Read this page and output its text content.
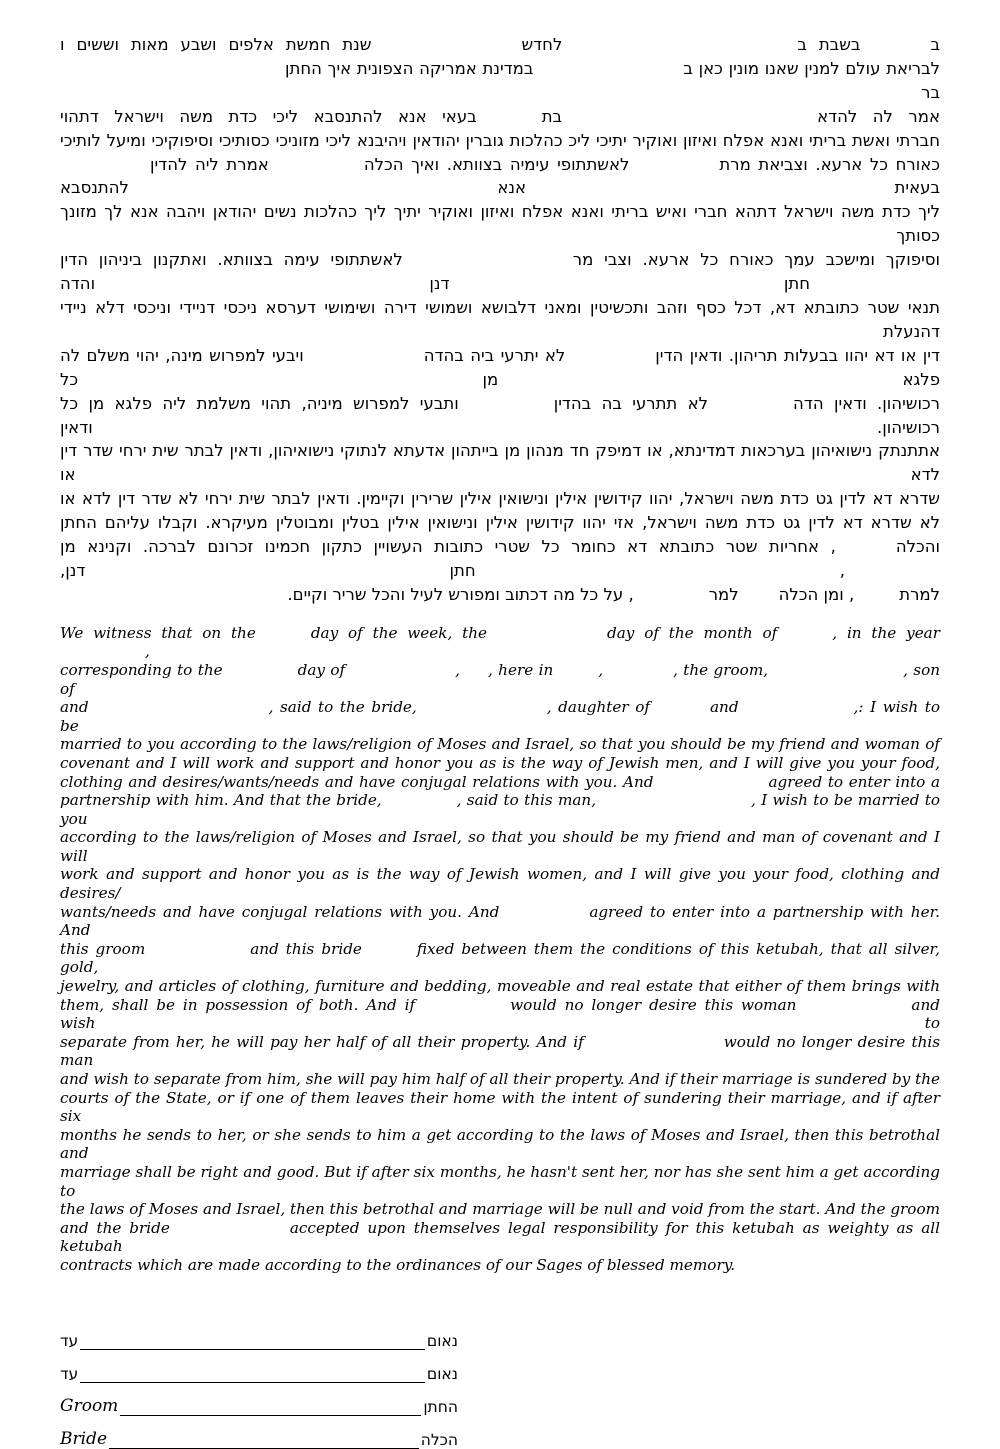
בבשבת בלחדששנת חמשת אלפים ושבע מאות וששים ו
לבריאת עולם למנין שאנו מונין כאן בבמדינת אמריקה הצפונית איך החתןבר
אמר לה להדאבתבעאי אנא להתנסבא ליכי כדת משה וישראל דתהוי
חברתי ואשת בריתי ואנא אפלח ואיזון ואוקיר יתיכי ליכ כהלכות גוברין יהודאין ויהיבנא ליכי מזוניכי כסותיכי וסיפוקיכי ומיעל לותיכי
כאורח כל ארעא. וצביאת מרתלאשתתופי עימיה בצוותא. ואיך הכלהאמרת ליה להדיןבעאית אנא להתנסבא
ליך כדת משה וישראל דתהא חברי ואיש בריתי ואנא אפלח ואיזון ואוקיר יתיך ליך כהלכות נשים יהודאן ויהבה אנא לך מזונך כסותך
וסיפוקך ומישכב עמך כאורח כל ארעא. וצבי מרלאשתתופי עימה בצוותא. ואתקנון ביניהון הדיןחתן דנן והדה
תנאי שטר כתובתא דא, דכל כסף וזהב ותכשיטין ומאני דלבושא ושמושי דירה ושימושי דערסא ניכסי דניידי וניכסי דלא ניידי דהנעלת
דין או דא יהוו בבעלות תריהון. ודאין הדיןלא יתרעי ביה בהדהויבעי למפרוש מינה, יהוי משלם לה פלגא מן כל
רכושיהון. ודאין הדהלא תתרעי בה בהדיןותבעי למפרוש מיניה, תהוי משלמת ליה פלגא מן כל רכושיהון. ודאין
אתתנתק נישואיהון בערכאות דמדינתא, או דמיפק חד מנהון מן בייתהון אדעתא לנתוקי נישואיהון, ודאין לבתר שית ירחי שדר דין לדא או
שדרא דא לדין גט כדת משה וישראל, יהוו קידושין אילין ונישואין אילין שרירין וקיימין. ודאין לבתר שית ירחי לא שדר דין לדא או
לא שדרא דא לדין גט כדת משה וישראל, אזי יהוו קידושין אילין ונישואין אילין בטלין ומבוטלין מעיקרא. וקבלו עליהם החתן
והכלה, אחריות שטר כתובתא דא כחומר כל שטרי כתובות העשויין כתקון חכמינו זכרונם לברכה. וקנינא מן, חתן דנן,
למרת, ומן הכלהלמר, על כל מה דכתוב ומפורש לעיל והכל שריר וקיים.
We witness that on the	day of the week, the	day of the month of	, in the year,
corresponding to the	day of	, , here in	,	, the groom,	, son of
and	, said to the bride,	, daughter of	and	,: I wish to be
married to you according to the laws/religion of Moses and Israel, so that you should be my friend and woman of
covenant and I will work and support and honor you as is the way of Jewish men, and I will give you your food,
clothing and desires/wants/needs and have conjugal relations with you. And	agreed to enter into a
partnership with him. And that the bride,	, said to this man,	, I wish to be married to you
according to the laws/religion of Moses and Israel, so that you should be my friend and man of covenant and I will
work and support and honor you as is the way of Jewish women, and I will give you your food, clothing and desires/
wants/needs and have conjugal relations with you. And	agreed to enter into a partnership with her. And
this groom	and this bride	fixed between them the conditions of this ketubah, that all silver, gold,
jewelry, and articles of clothing, furniture and bedding, moveable and real estate that either of them brings with
them, shall be in possession of both. And if	would no longer desire this woman	and wish to
separate from her, he will pay her half of all their property. And if	would no longer desire this man
and wish to separate from him, she will pay him half of all their property. And if their marriage is sundered by the
courts of the State, or if one of them leaves their home with the intent of sundering their marriage, and if after six
months he sends to her, or she sends to him a get according to the laws of Moses and Israel, then this betrothal and
marriage shall be right and good. But if after six months, he hasn't sent her, nor has she sent him a get according to
the laws of Moses and Israel, then this betrothal and marriage will be null and void from the start. And the groom
and the bride	accepted upon themselves legal responsibility for this ketubah as weighty as all ketubah
contracts which are made according to the ordinances of our Sages of blessed memory.
עד	נאום
עד	נאום
Groom	החתן
Bride	הכלה
